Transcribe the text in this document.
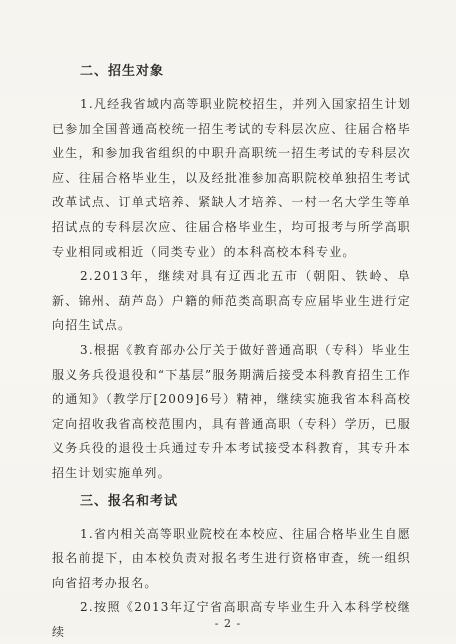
二、招生对象

1.凡经我省域内高等职业院校招生，并列入国家招生计划已参加全国普通高校统一招生考试的专科层次应、往届合格毕业生，和参加我省组织的中职升高职统一招生考试的专科层次应、往届合格毕业生，以及经批准参加高职院校单独招生考试改革试点、订单式培养、紧缺人才培养、一村一名大学生等单招试点的专科层次应、往届合格毕业生，均可报考与所学高职专业相同或相近（同类专业）的本科高校本科专业。

2.2013年，继续对具有辽西北五市（朝阳、铁岭、阜新、锦州、葫芦岛）户籍的师范类高职高专应届毕业生进行定向招生试点。

3.根据《教育部办公厅关于做好普通高职（专科）毕业生服义务兵役退役和“下基层”服务期满后接受本科教育招生工作的通知》（教学厅[2009]6号）精神，继续实施我省本科高校定向招收我省高校范围内，具有普通高职（专科）学历，已服义务兵役的退役士兵通过专升本考试接受本科教育，其专升本招生计划实施单列。

三、报名和考试

1.省内相关高等职业院校在本校应、往届合格毕业生自愿报名前提下，由本校负责对报名考生进行资格审查，统一组织向省招考办报名。

2.按照《2013年辽宁省高职高专毕业生升入本科学校继续

- 2 -
